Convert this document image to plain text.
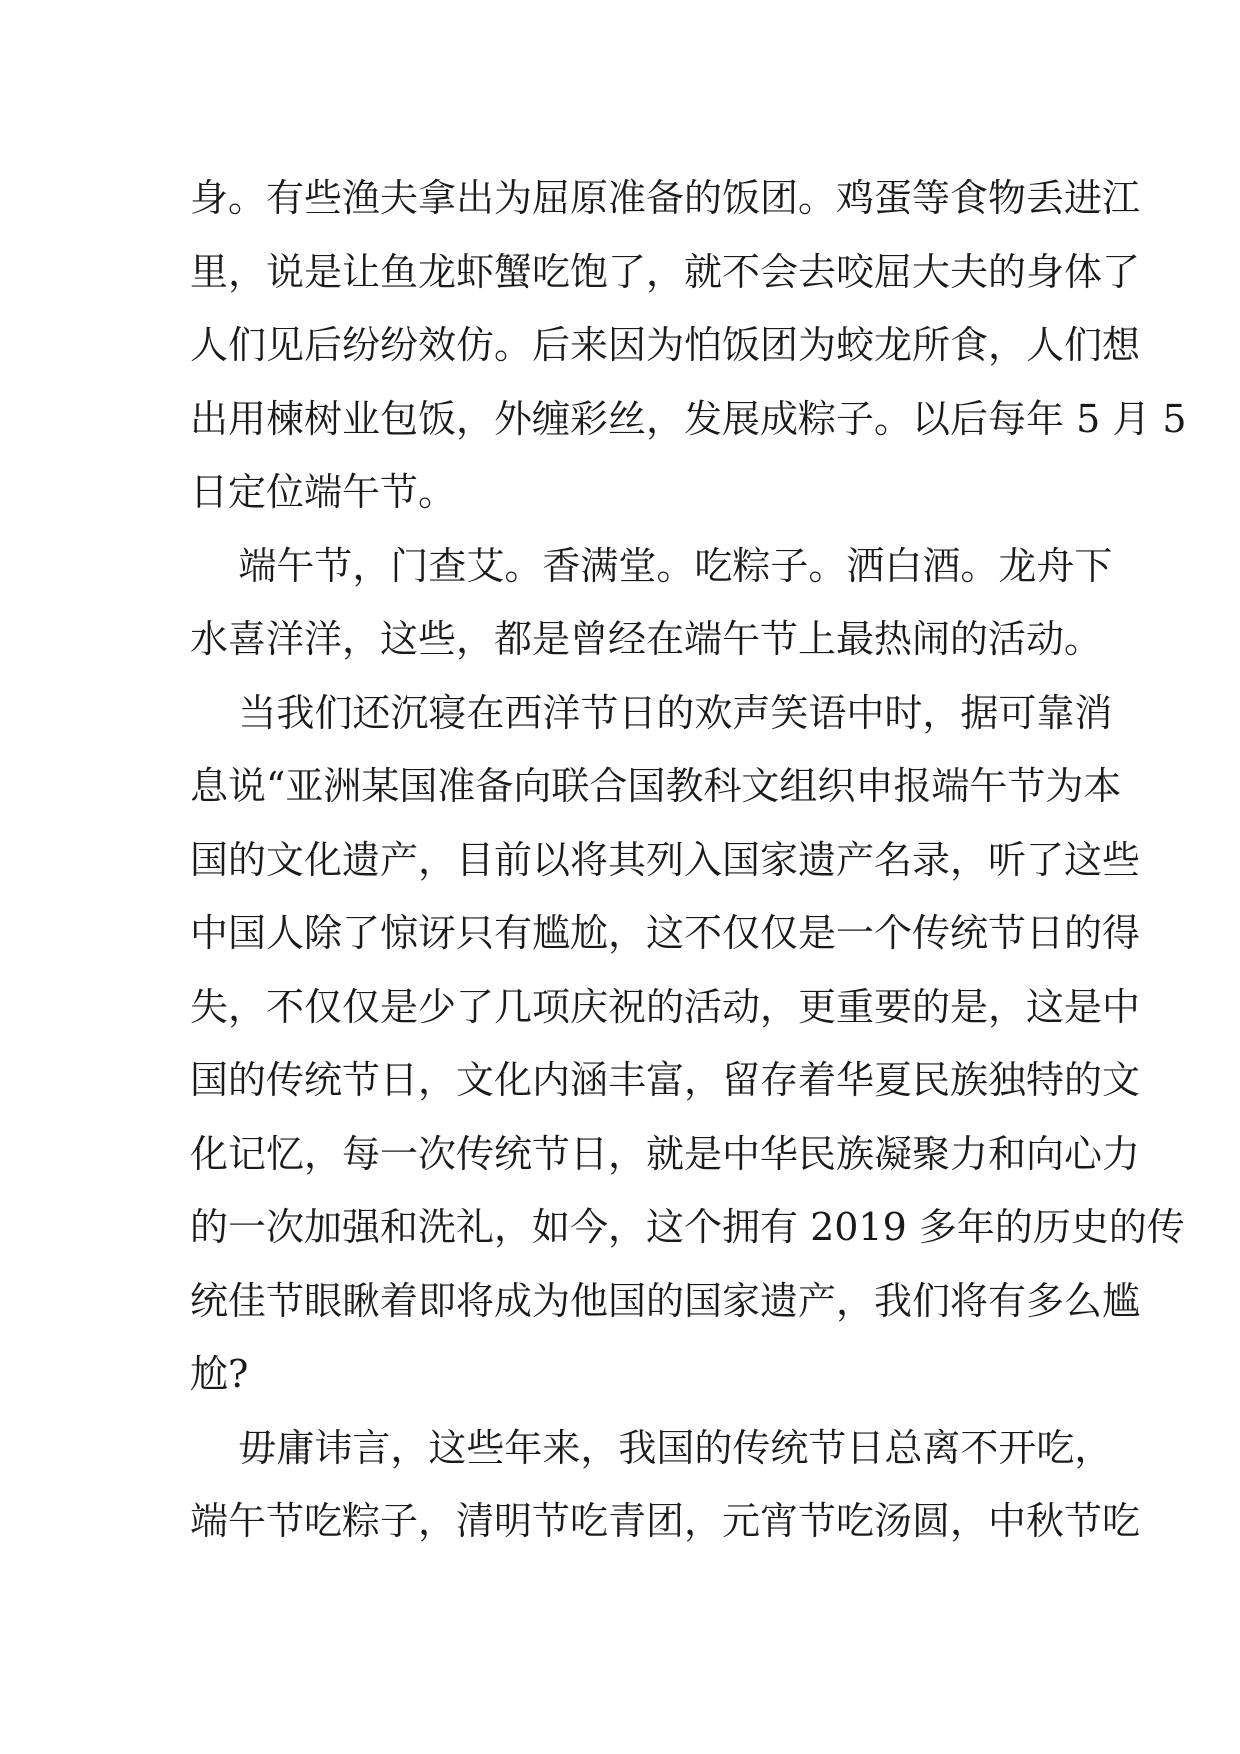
身。有些渔夫拿出为屈原准备的饭团。鸡蛋等食物丢进江
里，说是让鱼龙虾蟹吃饱了，就不会去咬屈大夫的身体了
人们见后纷纷效仿。后来因为怕饭团为蛟龙所食，人们想
出用楝树业包饭，外缠彩丝，发展成粽子。以后每年 5 月 5
日定位端午节。
端午节，门查艾。香满堂。吃粽子。洒白酒。龙舟下
水喜洋洋，这些，都是曾经在端午节上最热闹的活动。
当我们还沉寝在西洋节日的欢声笑语中时，据可靠消
息说“亚洲某国准备向联合国教科文组织申报端午节为本
国的文化遗产，目前以将其列入国家遗产名录，听了这些
中国人除了惊讶只有尴尬，这不仅仅是一个传统节日的得
失，不仅仅是少了几项庆祝的活动，更重要的是，这是中
国的传统节日，文化内涵丰富，留存着华夏民族独特的文
化记忆，每一次传统节日，就是中华民族凝聚力和向心力
的一次加强和洗礼，如今，这个拥有 2019 多年的历史的传
统佳节眼瞅着即将成为他国的国家遗产，我们将有多么尴
尬?
毋庸讳言，这些年来，我国的传统节日总离不开吃，
端午节吃粽子，清明节吃青团，元宵节吃汤圆，中秋节吃
